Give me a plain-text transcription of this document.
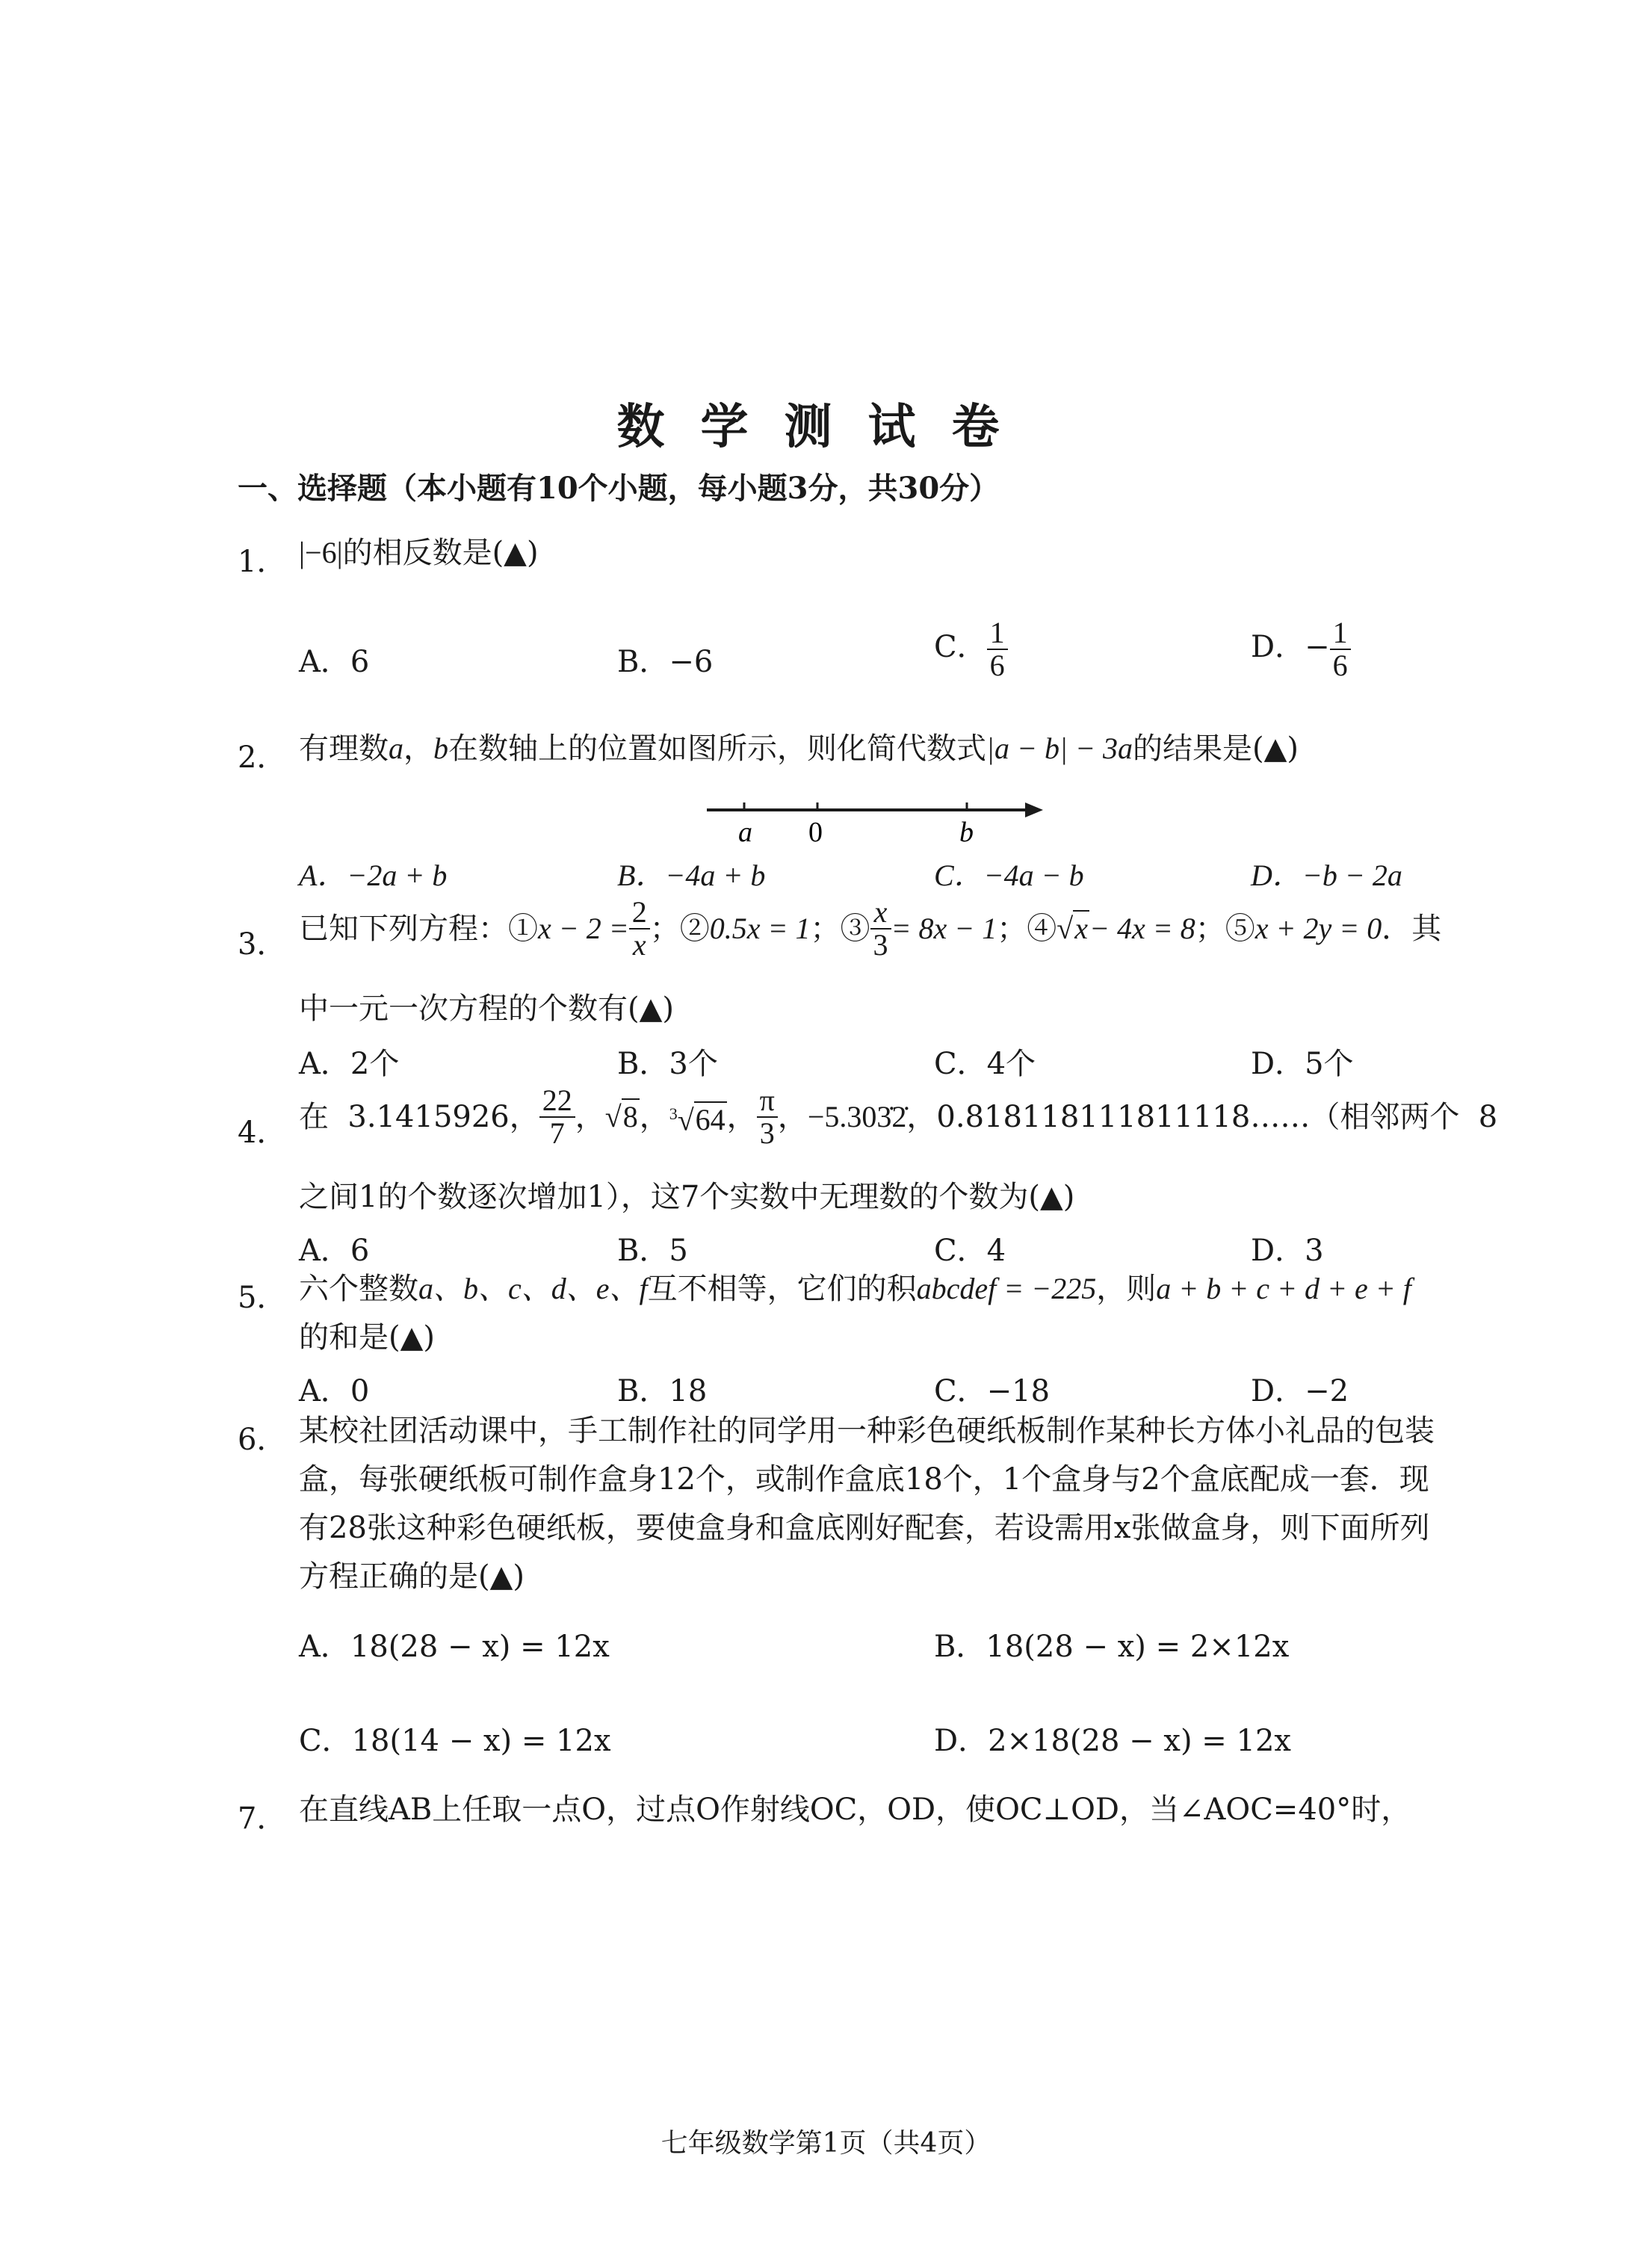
数学测试卷
一、选择题（本小题有10个小题，每小题3分，共30分）
1． |−6|的相反数是(▲)
A．6	B．−6	C． $\frac{1}{6}$	D．− $\frac{1}{6}$
2． 有理数a，b在数轴上的位置如图所示，则化简代数式|a − b| − 3a的结果是(▲)
a 0	b
A．−2a + b	B．−4a + b	C．−4a − b	D．−b − 2a
3． 已知下列方程：① $x - 2 = \frac{2}{x}$ ；② 0.5x = 1 ；③ $\frac{x}{3} = 8x - 1$ ；④ √x − 4x = 8 ；⑤ x + 2y = 0 ．其
中一元一次方程的个数有(▲)
A．2个	B．3个	C．4个	D．5个
4． 在  3.1415926， $\frac{22}{7}$ ， √8 ， $^3$√64 ， $\frac{\pi}{3}$ ， −5.303̇2̇ ，0.818118111811118……（相邻两个  8
之间1的个数逐次增加1），这7个实数中无理数的个数为(▲)
A．6	B．5	C．4	D．3
5． 六个整数a、b、c、d、e、f互不相等，它们的积abcdef = −225，则a + b + c + d + e + f
的和是(▲)
A．0	B．18	C．−18	D．−2
6． 某校社团活动课中，手工制作社的同学用一种彩色硬纸板制作某种长方体小礼品的包装
盒，每张硬纸板可制作盒身12个，或制作盒底18个，1个盒身与2个盒底配成一套．现
有28张这种彩色硬纸板，要使盒身和盒底刚好配套，若设需用x张做盒身，则下面所列
方程正确的是(▲)
A．18(28 − x) = 12x	B．18(28 − x) = 2×12x
C．18(14 − x) = 12x	D．2×18(28 − x) = 12x
7． 在直线AB上任取一点O，过点O作射线OC，OD，使OC⊥OD，当∠AOC=40°时，
七年级数学第1页（共4页）
